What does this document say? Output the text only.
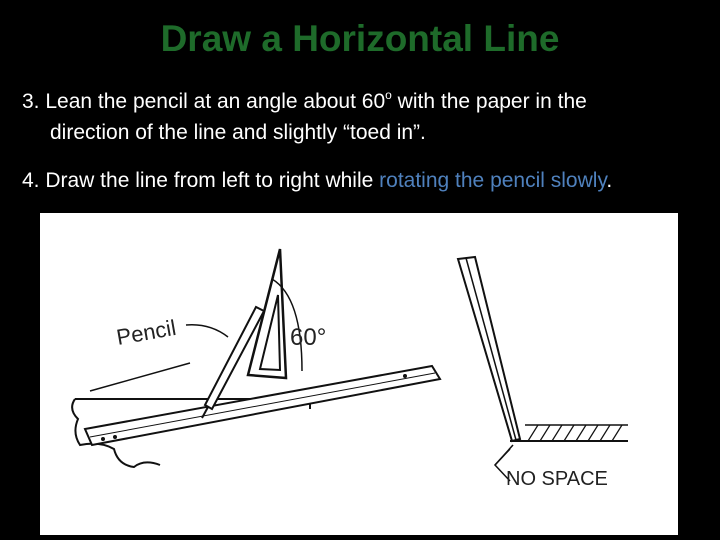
Draw a Horizontal Line
3. Lean the pencil at an angle about 60$^o$ with the paper in the
direction of the line and slightly “toed in”.
4. Draw the line from left to right while rotating the pencil slowly.
Pencil	60°
NO SPACE
